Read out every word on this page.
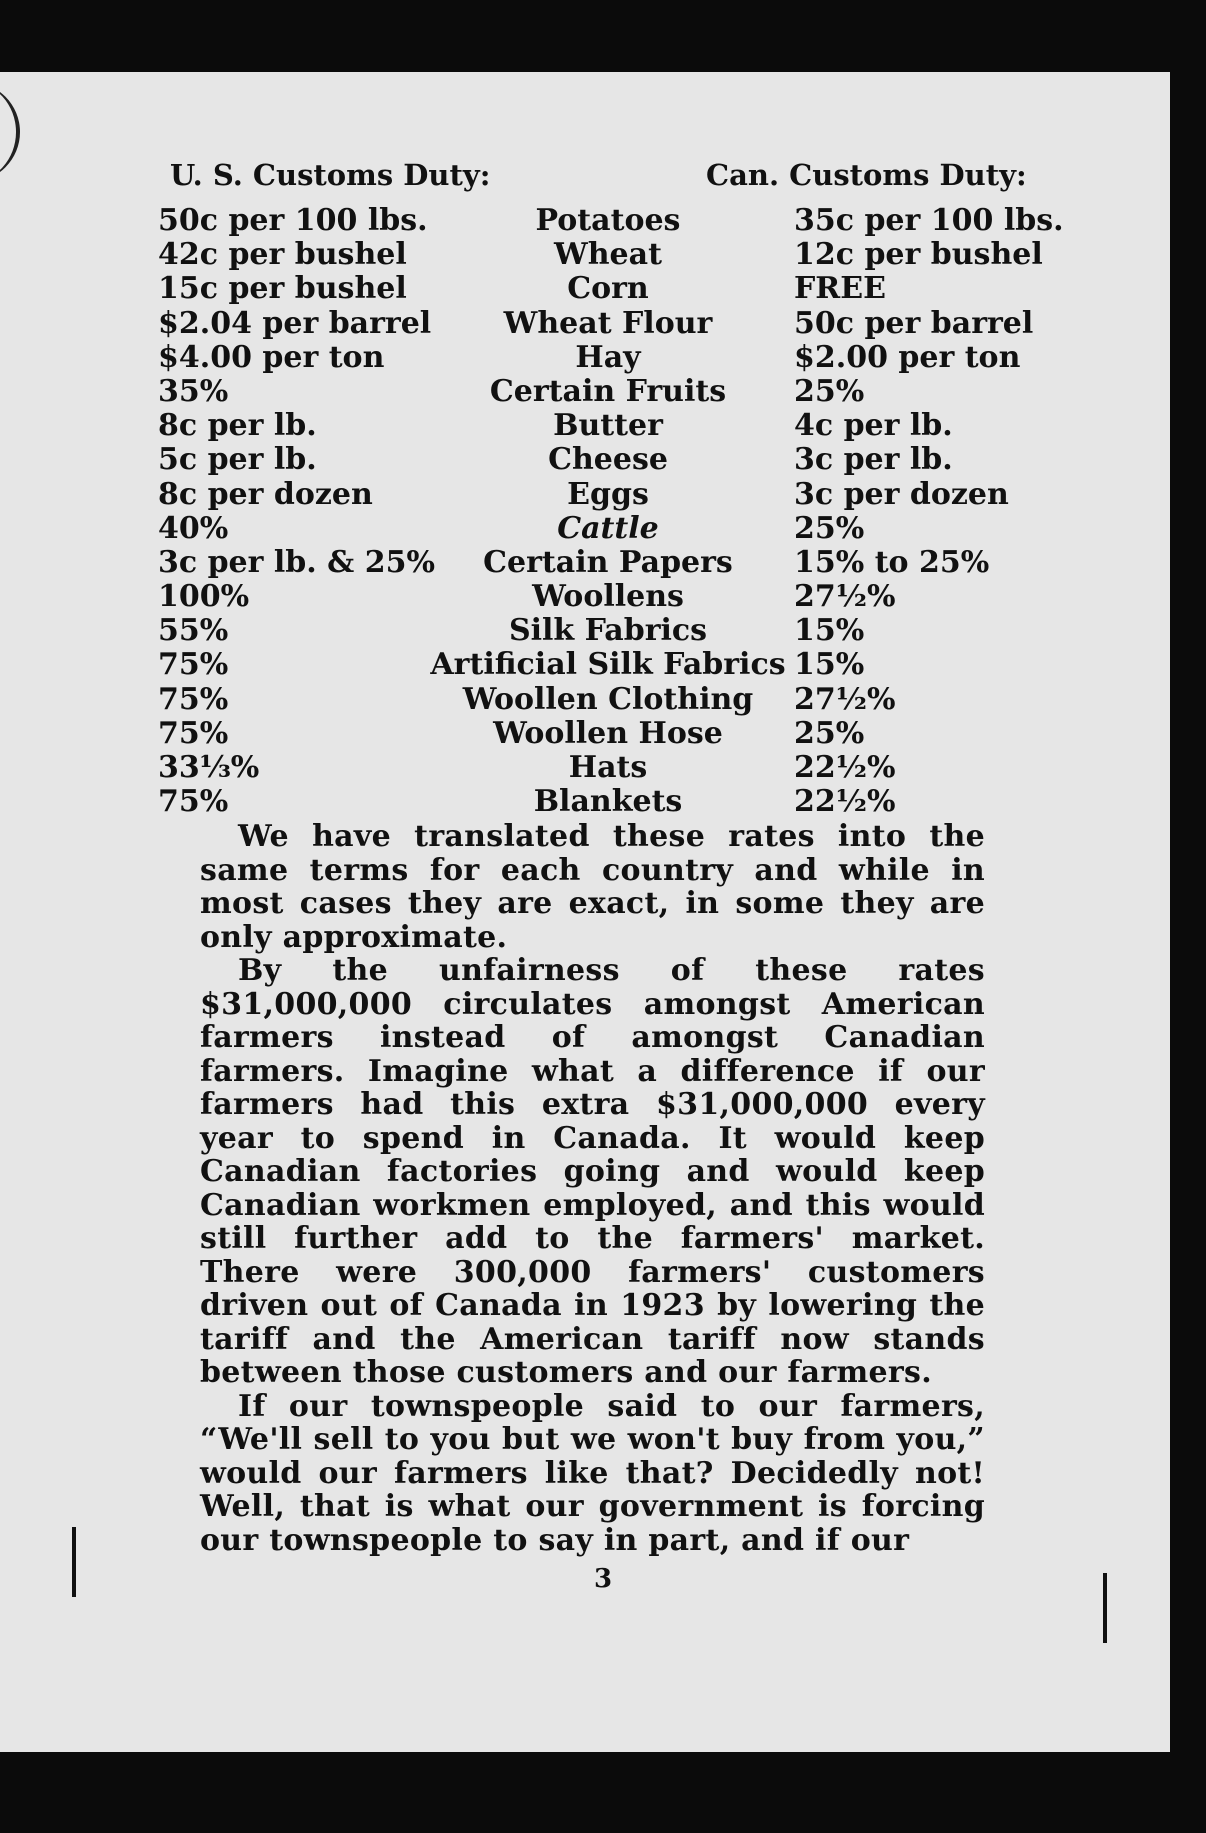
U. S. Customs Duty:	Can. Customs Duty:
50c per 100 lbs.	Potatoes	35c per 100 lbs.
42c per bushel	Wheat	12c per bushel
15c per bushel	Corn	FREE
$2.04 per barrel	Wheat Flour	50c per barrel
$4.00 per ton	Hay	$2.00 per ton
35%	Certain Fruits	25%
8c per lb.	Butter	4c per lb.
5c per lb.	Cheese	3c per lb.
8c per dozen	Eggs	3c per dozen
40%	Cattle	25%
3c per lb. & 25%	Certain Papers	15% to 25%
100%	Woollens	27½%
55%	Silk Fabrics	15%
75%	Artificial Silk Fabrics 15%
75%	Woollen Clothing	27½%
75%	Woollen Hose	25%
33⅓%	Hats	22½%
75%	Blankets	22½%

We have translated these rates into the same terms for each country and while in most cases they are exact, in some they are only approximate.

By the unfairness of these rates $31,000,000 circulates amongst American farmers instead of amongst Canadian farmers. Imagine what a difference if our farmers had this extra $31,000,000 every year to spend in Canada. It would keep Canadian factories going and would keep Canadian workmen employed, and this would still further add to the farmers' market. There were 300,000 farmers' customers driven out of Canada in 1923 by lowering the tariff and the American tariff now stands between those customers and our farmers.

If our townspeople said to our farmers, “We'll sell to you but we won't buy from you,” would our farmers like that? Decidedly not! Well, that is what our government is forcing our townspeople to say in part, and if our

3
